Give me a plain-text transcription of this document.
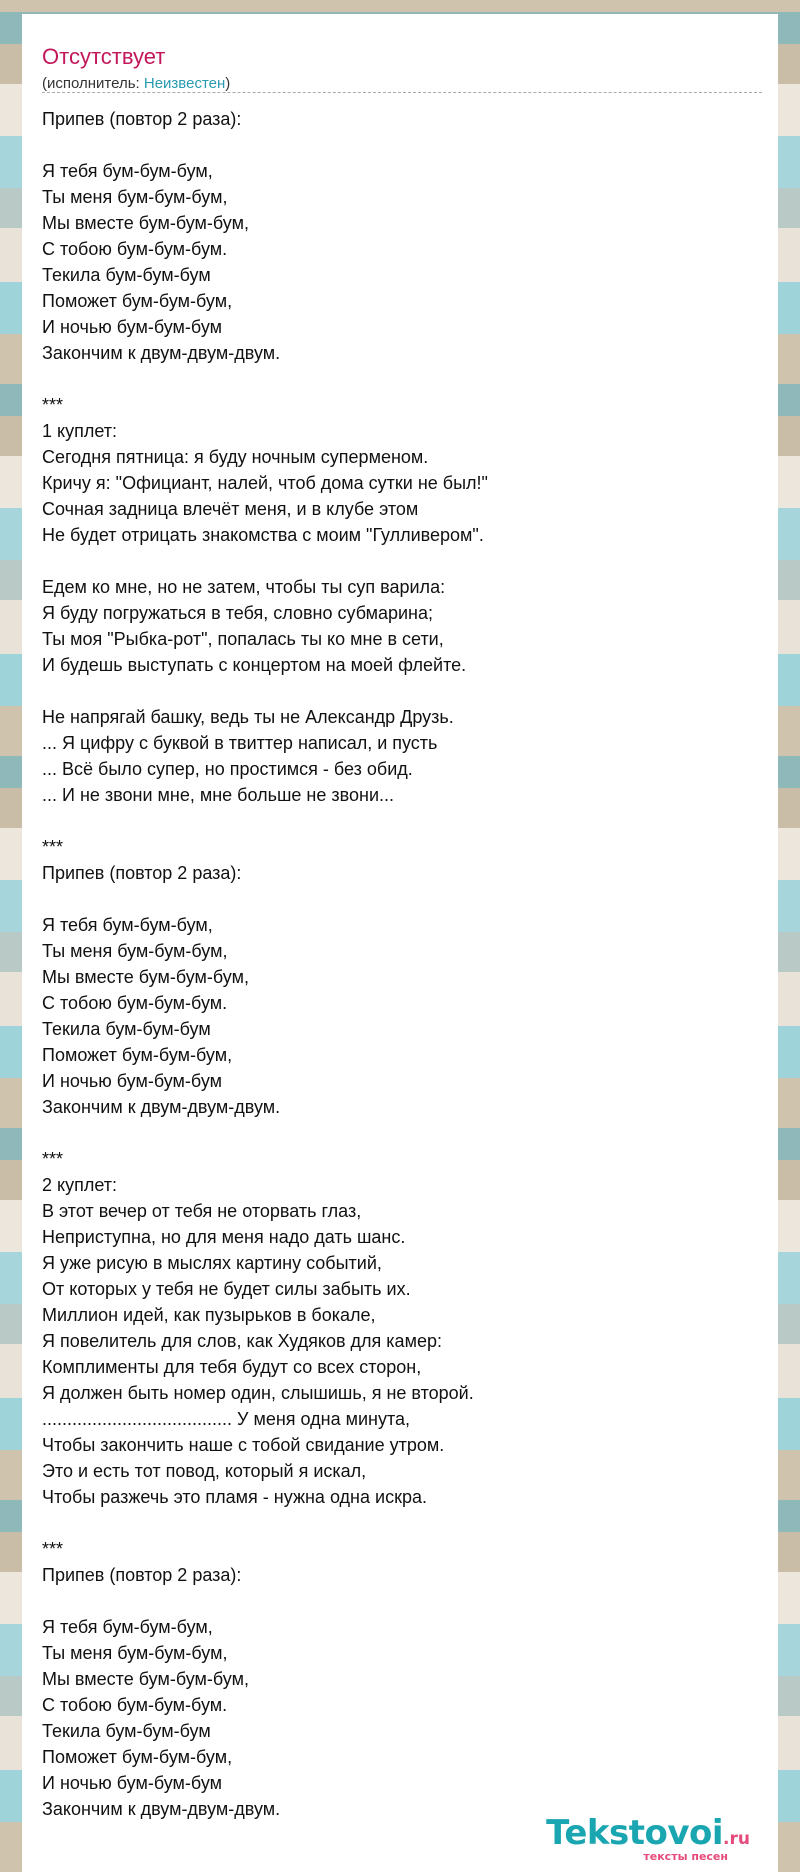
Отсутствует
(исполнитель: Неизвестен)
Припев (повтор 2 раза):
Я тебя бум-бум-бум,
Ты меня бум-бум-бум,
Мы вместе бум-бум-бум,
С тобою бум-бум-бум.
Текила бум-бум-бум
Поможет бум-бум-бум,
И ночью бум-бум-бум
Закончим к двум-двум-двум.
***
1 куплет:
Сегодня пятница: я буду ночным суперменом.
Кричу я: "Официант, налей, чтоб дома сутки не был!"
Сочная задница влечёт меня, и в клубе этом
Не будет отрицать знакомства с моим "Гулливером".
Едем ко мне, но не затем, чтобы ты суп варила:
Я буду погружаться в тебя, словно субмарина;
Ты моя "Рыбка-рот", попалась ты ко мне в сети,
И будешь выступать с концертом на моей флейте.
Не напрягай башку, ведь ты не Александр Друзь.
... Я цифру с буквой в твиттер написал, и пусть
... Всё было супер, но простимся - без обид.
... И не звони мне, мне больше не звони...
***
Припев (повтор 2 раза):
Я тебя бум-бум-бум,
Ты меня бум-бум-бум,
Мы вместе бум-бум-бум,
С тобою бум-бум-бум.
Текила бум-бум-бум
Поможет бум-бум-бум,
И ночью бум-бум-бум
Закончим к двум-двум-двум.
***
2 куплет:
В этот вечер от тебя не оторвать глаз,
Неприступна, но для меня надо дать шанс.
Я уже рисую в мыслях картину событий,
От которых у тебя не будет силы забыть их.
Миллион идей, как пузырьков в бокале,
Я повелитель для слов, как Худяков для камер:
Комплименты для тебя будут со всех сторон,
Я должен быть номер один, слышишь, я не второй.
...................................... У меня одна минута,
Чтобы закончить наше с тобой свидание утром.
Это и есть тот повод, который я искал,
Чтобы разжечь это пламя - нужна одна искра.
***
Припев (повтор 2 раза):
Я тебя бум-бум-бум,
Ты меня бум-бум-бум,
Мы вместе бум-бум-бум,
С тобою бум-бум-бум.
Текила бум-бум-бум
Поможет бум-бум-бум,
И ночью бум-бум-бум
Закончим к двум-двум-двум.
Tekstovoi.ru
тексты песен
